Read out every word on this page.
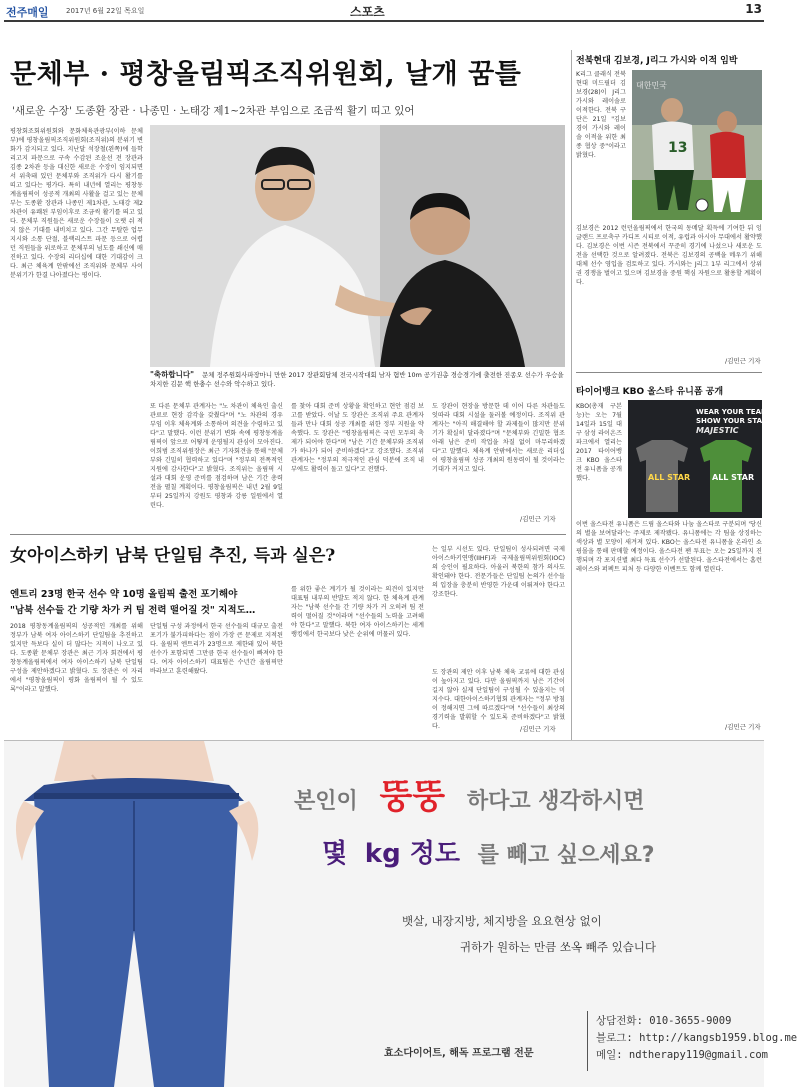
전주매일 2017년 6월 22일 목요일	스포츠	13
문체부 · 평창올림픽조직위원회, 날개 꿈틀
'새로운 수장' 도종환 장관 · 나종민 · 노태강 제1~2차관 부임으로 조금씩 활기 띠고 있어
평창회조회위원회와 문화체육관광부(이하 문체부)에 평창올림픽조직위원회(조직위)의 분위기 변화가 감지되고 있다. 지난달 석장철(왼쪽)에 들학리고지 파문으로 구속 수감된 조윤선 전 장관과 김종 2차관 등을 대신한 새로운 수장이 임지되면서 위축돼 있던 문체부와 조직위가 다시 활기를 띠고 있다는 평가다. 특히 내년에 열리는 평창동계올림픽이 성공적 개최의 사활을 걸고 있는 문체부는 도종환 장관과 나종민 제1차관, 노태강 제2차관이 유쾌된 부임이후로 조금씩 활기를 띄고 있다. 문체부 직원들은 새로운 수장들이 오랫 쉬 적지 않은 기대를 내비치고 있다. 그간 무탈한 업무 지시와 소통 단절, 블랙리스트 파문 등으로 어렵던 직원들을 위로하고 문체부의 넘도를 쇄신에 매진하고 있다. 수장의 리더십에 대한 기대감이 크다. 최근 체육계 안팎에선 조직위와 문체부 사이 분위기가 한결 나아졌다는 평이다.
"축하합니다" 문체 정주원회사파장마니 만한 2017 장관회담체 전국시작대회 남자 혐반 10m 공기권총 경승경기에 출전한 진종오 선수가 우승을 차지한 김문 핵 한충수 선수와 악수하고 있다.
또 다른 문체부 관계자는 "노 차관이 체육인 출신 관료로 현장 감각을 갖췄다"며 "노 차관의 경우 부임 이후 체육계와 소통하며 의견을 수렴하고 있다"고 말했다. 이런 분위기 변화 속에 평창동계올림픽이 앞으로 어떻게 운영될지 관심이 모아진다. 이희범 조직위원장은 최근 기자회견을 통해 "문체부와 긴밀히 협력하고 있다"며 "정부의 전폭적인 지원에 감사한다"고 밝혔다. 조직위는 올림픽 시설과 대회 운영 준비를 점검하며 남은 기간 총력전을 펼칠 계획이다. 평창올림픽은 내년 2월 9일부터 25일까지 강원도 평창과 강릉 일원에서 열린다.
를 찾아 대회 준비 상황을 확인하고 현안 점검 보고를 받았다. 이날 도 장관은 조직위 주요 관계자들과 만나 대회 성공 개최를 위한 정부 지원을 약속했다. 도 장관은 "평창올림픽은 국민 모두의 축제가 되어야 한다"며 "남은 기간 문체부와 조직위가 하나가 되어 준비하겠다"고 강조했다. 조직위 관계자는 "정부의 적극적인 관심 덕분에 조직 내부에도 활력이 돌고 있다"고 전했다.
도 장관이 현장을 방문한 데 이어 다른 차관들도 잇따라 대회 시설을 둘러볼 예정이다. 조직위 관계자는 "아직 해결해야 할 과제들이 많지만 분위기가 확실히 달라졌다"며 "문체부와 긴밀한 협조 아래 남은 준비 작업을 차질 없이 마무리하겠다"고 말했다. 체육계 안팎에서는 새로운 리더십이 평창올림픽 성공 개최의 원동력이 될 것이라는 기대가 커지고 있다.
/김민근 기자
女아이스하키 남북 단일팀 추진, 득과 실은?
엔트리 23명 한국 선수 약 10명 올림픽 출전 포기해야
"남북 선수들 간 기량 차가 커 팀 전력 떨어질 것" 지적도…
2018 평창동계올림픽의 성공적인 개최를 위해 정부가 남북 여자 아이스하키 단일팀을 추진하고 있지만 득보다 실이 더 많다는 지적이 나오고 있다. 도종환 문체부 장관은 최근 기자 회견에서 평창동계올림픽에서 여자 아이스하키 남북 단일팀 구성을 제안하겠다고 밝혔다. 도 장관은 이 자리에서 "평창올림픽이 평화 올림픽이 될 수 있도록"이라고 말했다.
단일팀 구성 과정에서 한국 선수들의 대규모 출전 포기가 불가피하다는 점이 가장 큰 문제로 지적된다. 올림픽 엔트리가 23명으로 제한돼 있어 북한 선수가 포함되면 그만큼 한국 선수들이 빠져야 한다. 여자 아이스하키 대표팀은 수년간 올림픽만 바라보고 훈련해왔다.
를 위한 좋은 계기가 될 것이라는 의견이 있지만 대표팀 내부의 반발도 적지 않다. 한 체육계 관계자는 "남북 선수들 간 기량 차가 커 오히려 팀 전력이 떨어질 것"이라며 "선수들의 노력을 고려해야 한다"고 말했다. 북한 여자 아이스하키는 세계 랭킹에서 한국보다 낮은 순위에 머물러 있다.
는 일부 시선도 있다. 단일팀이 성사되려면 국제아이스하키연맹(IIHF)과 국제올림픽위원회(IOC)의 승인이 필요하다. 아울러 북한의 참가 의사도 확인돼야 한다. 전문가들은 단일팀 논의가 선수들의 입장을 충분히 반영한 가운데 이뤄져야 한다고 강조한다.
도 장관의 제안 이후 남북 체육 교류에 대한 관심이 높아지고 있다. 다만 올림픽까지 남은 기간이 길지 않아 실제 단일팀이 구성될 수 있을지는 미지수다. 대한아이스하키협회 관계자는 "정부 방침이 정해지면 그에 따르겠다"며 "선수들이 최상의 경기력을 발휘할 수 있도록 준비하겠다"고 밝혔다.	/김민근 기자
전북현대 김보경, J리그 가시와 이적 임박
K리그 클래식 전북 현대 미드필더 김보경(28)이 J리그 가시와 레이솔로 이적한다. 전북 구단은 21일 "김보경이 가시와 레이솔 이적을 위한 최종 협상 중"이라고 밝혔다.	13
대한민국
김보경은 2012 런던올림픽에서 한국의 동메달 획득에 기여한 뒤 잉글랜드 프로축구 카디프 시티로 이적, 유럽과 아시아 무대에서 활약했다. 김보경은 이번 시즌 전북에서 꾸준히 경기에 나섰으나 새로운 도전을 선택한 것으로 알려졌다. 전북은 김보경의 공백을 메우기 위해 대체 선수 영입을 검토하고 있다. 가시와는 J리그 1부 리그에서 상위권 경쟁을 벌이고 있으며 김보경을 중원 핵심 자원으로 활용할 계획이다.
/김민근 기자
타이어뱅크 KBO 올스타 유니폼 공개
KBO(총재 구본능)는 오는 7월 14일과 15일 대구 삼성 라이온즈파크에서 열리는 2017 타이어뱅크 KBO 올스타전 유니폼을 공개했다.
WEAR YOUR TEAM
SHOW YOUR STAR
MAJESTIC
ALL STAR	ALL STAR
이번 올스타전 유니폼은 드림 올스타와 나눔 올스타로 구분되며 '당신의 별을 보여달라'는 주제로 제작됐다. 유니폼에는 각 팀을 상징하는 색상과 별 모양이 새겨져 있다. KBO는 올스타전 유니폼을 온라인 쇼핑몰을 통해 판매할 예정이다. 올스타전 팬 투표는 오는 25일까지 진행되며 각 포지션별 최다 득표 선수가 선발된다. 올스타전에서는 홈런 레이스와 퍼펙트 피처 등 다양한 이벤트도 함께 열린다.
/김민근 기자
본인이 뚱뚱 하다고 생각하시면
몇 kg 정도 를 빼고 싶으세요?
뱃살, 내장지방, 체지방을 요요현상 없이
귀하가 원하는 만큼 쏘옥 빼주 있습니다
효소다이어트, 해독 프로그램 전문
상담전화: 010-3655-9009
블로그: http://kangsb1959.blog.me
메일: ndtherapy119@gmail.com
